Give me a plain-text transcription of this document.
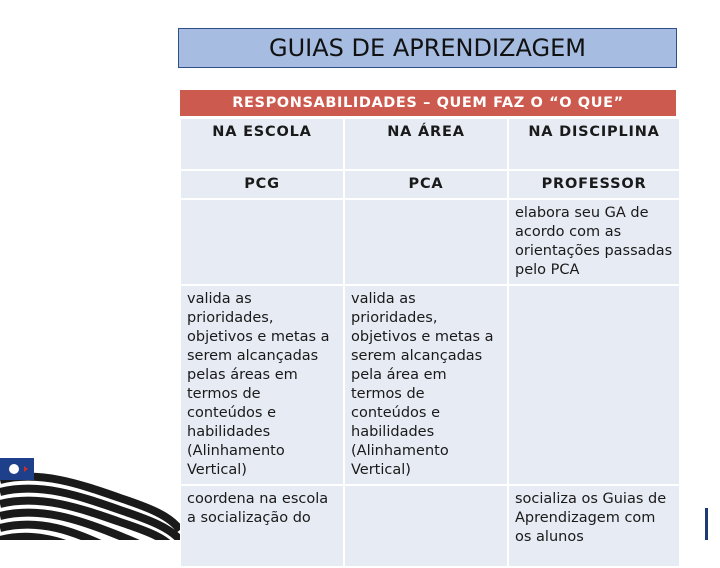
GUIAS DE APRENDIZAGEM
RESPONSABILIDADES – QUEM FAZ O “O QUE”
NA ESCOLA	NA ÁREA	NA DISCIPLINA
PCG	PCA	PROFESSOR
		elabora seu GA de acordo com as orientações passadas pelo PCA
valida as prioridades, objetivos e metas a serem alcançadas pelas áreas em termos de conteúdos e habilidades (Alinhamento Vertical)	valida as prioridades, objetivos e metas a serem alcançadas pela área em termos de conteúdos e habilidades (Alinhamento Vertical)	
coordena na escola a socialização do		socializa os Guias de Aprendizagem com os alunos
